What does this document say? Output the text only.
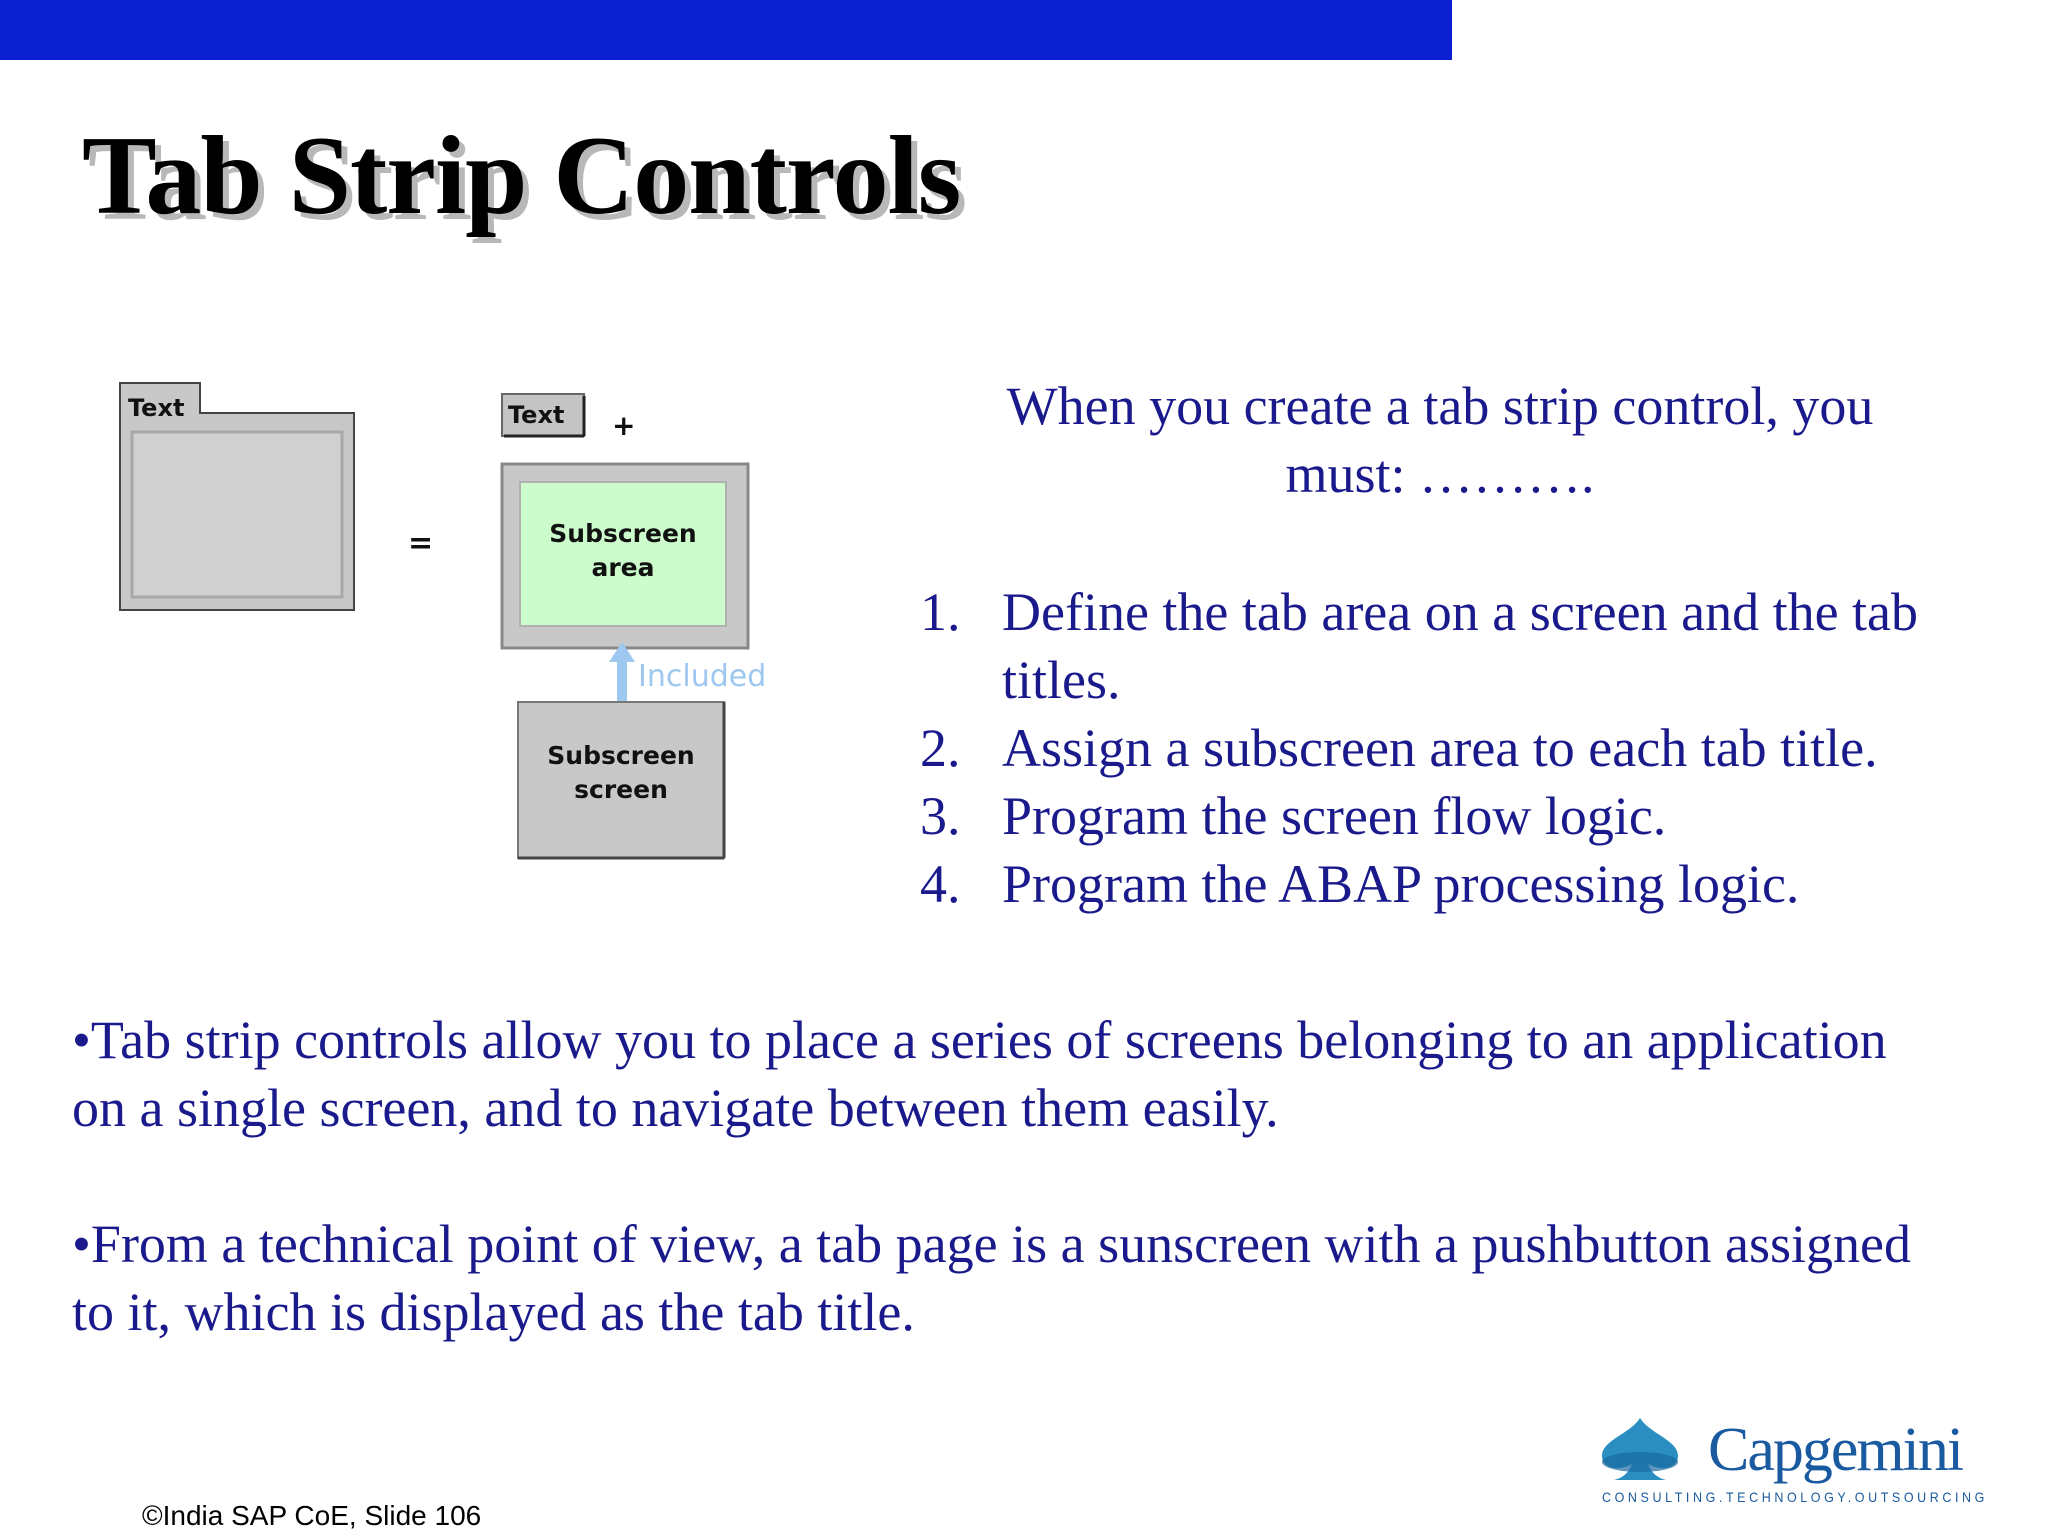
Tab Strip Controls
Text
=
Text +
Subscreen
area
Included
Subscreen
screen
When you create a tab strip control, you must: ……….
1. Define the tab area on a screen and the tab titles.
2. Assign a subscreen area to each tab title.
3. Program the screen flow logic.
4. Program the ABAP processing logic.
•Tab strip controls allow you to place a series of screens belonging to an application on a single screen, and to navigate between them easily.
•From a technical point of view, a tab page is a sunscreen with a pushbutton assigned to it, which is displayed as the tab title.
©India SAP CoE, Slide 106
Capgemini
CONSULTING.TECHNOLOGY.OUTSOURCING
